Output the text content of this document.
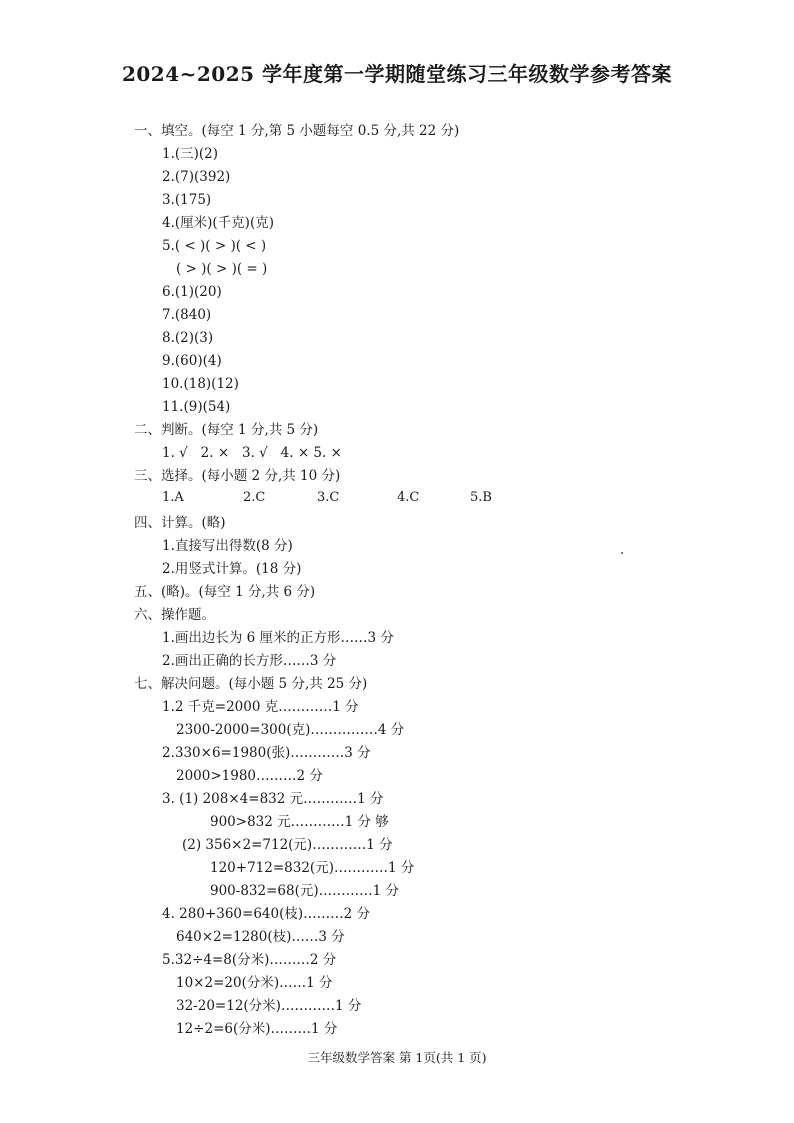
2024~2025 学年度第一学期随堂练习三年级数学参考答案
一、填空。(每空 1 分,第 5 小题每空 0.5 分,共 22 分)
1.(三)(2)
2.(7)(392)
3.(175)
4.(厘米)(千克)(克)
5.( < )( > )( < )
( > )( > )( = )
6.(1)(20)
7.(840)
8.(2)(3)
9.(60)(4)
10.(18)(12)
11.(9)(54)
二、判断。(每空 1 分,共 5 分)
1. √   2. ×   3. √   4. × 5. ×
三、选择。(每小题 2 分,共 10 分)
1.A	2.C	3.C	4.C	5.B
四、计算。(略)
1.直接写出得数(8 分)
2.用竖式计算。(18 分)
五、(略)。(每空 1 分,共 6 分)
六、操作题。
1.画出边长为 6 厘米的正方形……3 分
2.画出正确的长方形……3 分
七、解决问题。(每小题 5 分,共 25 分)
1.2 千克=2000 克…………1 分
2300-2000=300(克)……………4 分
2.330×6=1980(张)…………3 分
2000>1980………2 分
3. (1) 208×4=832 元…………1 分
900>832 元…………1 分 够
(2) 356×2=712(元)…………1 分
120+712=832(元)…………1 分
900-832=68(元)…………1 分
4. 280+360=640(枝)………2 分
640×2=1280(枝)……3 分
5.32÷4=8(分米)………2 分
10×2=20(分米)……1 分
32-20=12(分米)…………1 分
12÷2=6(分米)………1 分
三年级数学答案 第 1页(共 1 页)
